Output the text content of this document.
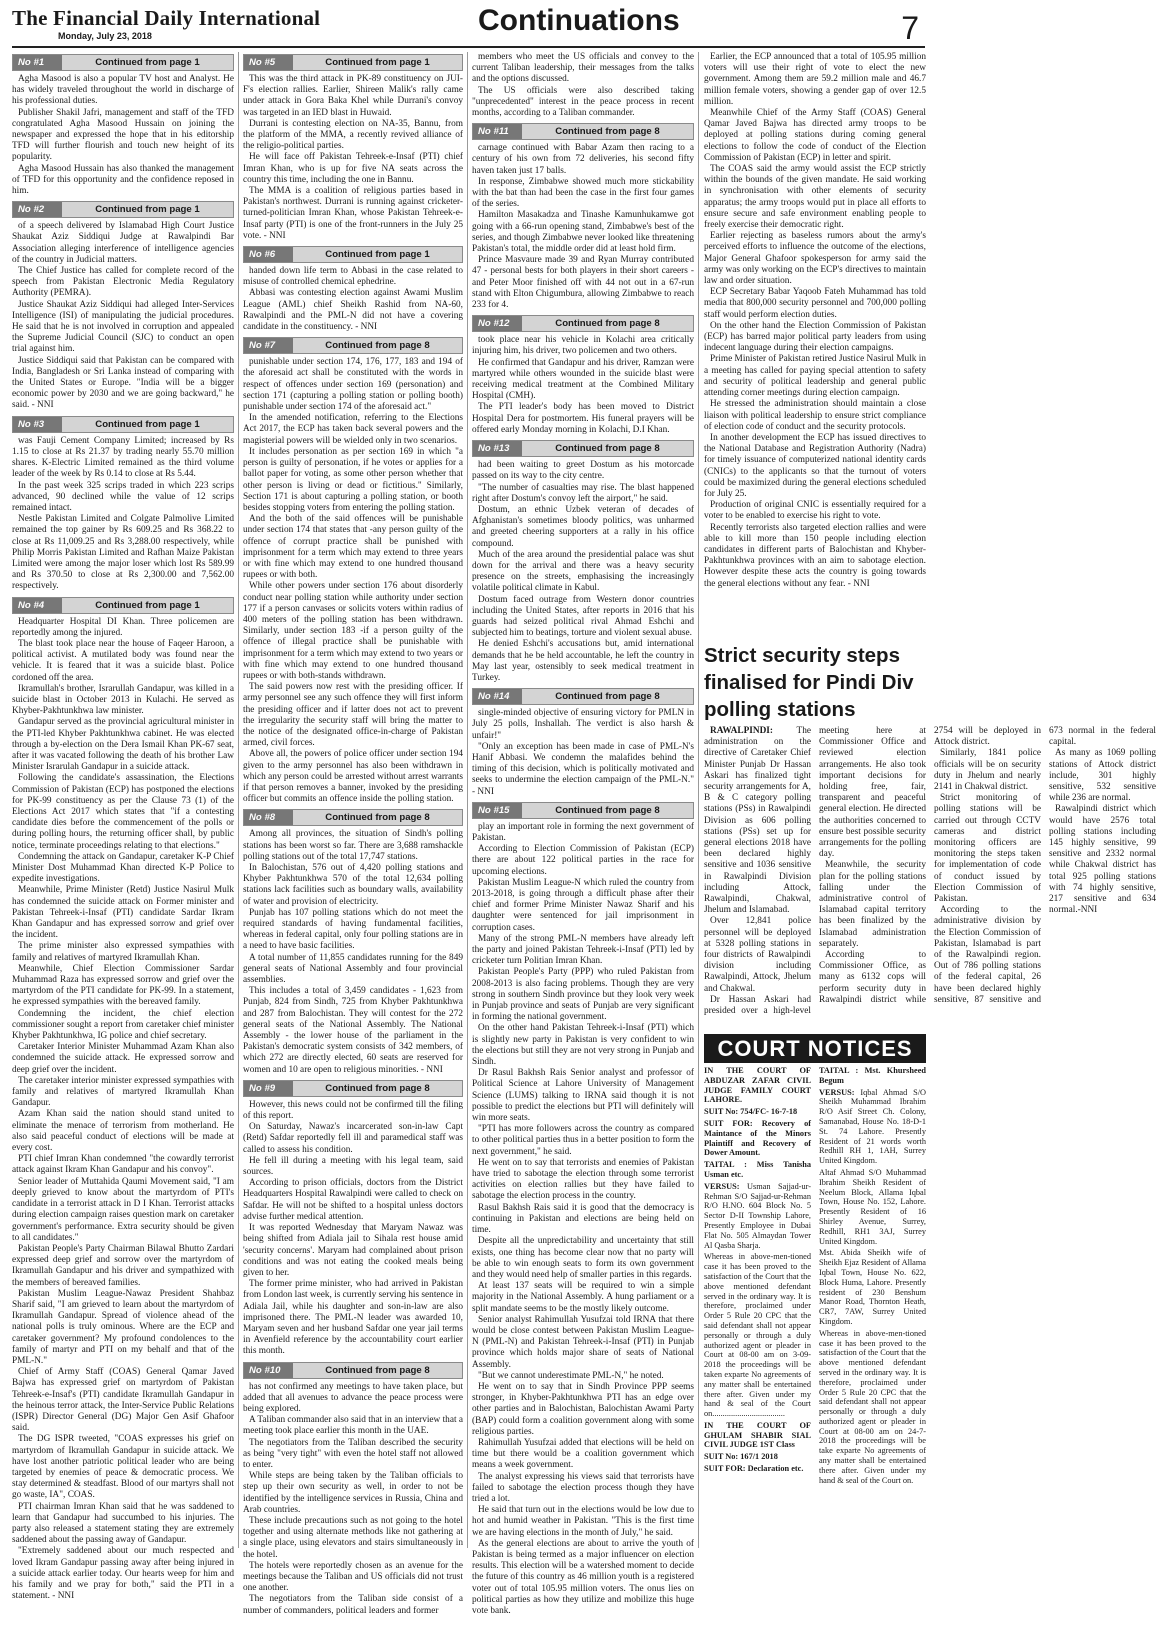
The Financial Daily International
Monday, July 23, 2018	Continuations	7
No #1	Continued from page 1

Agha Masood is also a popular TV host and Analyst. He has widely traveled throughout the world in discharge of his professional duties.

Publisher Shakil Jafri, management and staff of the TFD congratulated Agha Masood Hussain on joining the newspaper and expressed the hope that in his editorship TFD will further flourish and touch new height of its popularity.

Agha Masood Hussain has also thanked the management of TFD for this opportunity and the confidence reposed in him.

No #2	Continued from page 1

of a speech delivered by Islamabad High Court Justice Shaukat Aziz Siddiqui Judge at Rawalpindi Bar Association alleging interference of intelligence agencies of the country in Judicial matters.

The Chief Justice has called for complete record of the speech from Pakistan Electronic Media Regulatory Authority (PEMRA).

Justice Shaukat Aziz Siddiqui had alleged Inter-Services Intelligence (ISI) of manipulating the judicial procedures. He said that he is not involved in corruption and appealed the Supreme Judicial Council (SJC) to conduct an open trial against him.

Justice Siddiqui said that Pakistan can be compared with India, Bangladesh or Sri Lanka instead of comparing with the United States or Europe. "India will be a bigger economic power by 2030 and we are going backward," he said. - NNI

No #3	Continued from page 1

was Fauji Cement Company Limited; increased by Rs 1.15 to close at Rs 21.37 by trading nearly 55.70 million shares. K-Electric Limited remained as the third volume leader of the week by Rs 0.14 to close at Rs 5.44.

In the past week 325 scrips traded in which 223 scrips advanced, 90 declined while the value of 12 scrips remained intact.

Nestle Pakistan Limited and Colgate Palmolive Limited remained the top gainer by Rs 609.25 and Rs 368.22 to close at Rs 11,009.25 and Rs 3,288.00 respectively, while Philip Morris Pakistan Limited and Rafhan Maize Pakistan Limited were among the major loser which lost Rs 589.99 and Rs 370.50 to close at Rs 2,300.00 and 7,562.00 respectively.

No #4	Continued from page 1

Headquarter Hospital DI Khan. Three policemen are reportedly among the injured.

The blast took place near the house of Faqeer Haroon, a political activist. A mutilated body was found near the vehicle. It is feared that it was a suicide blast. Police cordoned off the area.

Ikramullah's brother, Israrullah Gandapur, was killed in a suicide blast in October 2013 in Kulachi. He served as Khyber-Pakhtunkhwa law minister.

Gandapur served as the provincial agricultural minister in the PTI-led Khyber Pakhtunkhwa cabinet. He was elected through a by-election on the Dera Ismail Khan PK-67 seat, after it was vacated following the death of his brother Law Minister Israrulah Gandapur in a suicide attack.

Following the candidate's assassination, the Elections Commission of Pakistan (ECP) has postponed the elections for PK-99 constituency as per the Clause 73 (1) of the Elections Act 2017 which states that "if a contesting candidate dies before the commencement of the polls or during polling hours, the returning officer shall, by public notice, terminate proceedings relating to that elections."

Condemning the attack on Gandapur, caretaker K-P Chief Minister Dost Muhammad Khan directed K-P Police to expedite investigations.

Meanwhile, Prime Minister (Retd) Justice Nasirul Mulk has condemned the suicide attack on Former minister and Pakistan Tehreek-i-Insaf (PTI) candidate Sardar Ikram Khan Gandapur and has expressed sorrow and grief over the incident.

The prime minister also expressed sympathies with family and relatives of martyred Ikramullah Khan.

Meanwhile, Chief Election Commissioner Sardar Muhammad Raza has expressed sorrow and grief over the martyrdom of the PTI candidate for PK-99. In a statement, he expressed sympathies with the bereaved family.

Condemning the incident, the chief election commissioner sought a report from caretaker chief minister Khyber Pakhtunkhwa, IG police and chief secretary.

Caretaker Interior Minister Muhammad Azam Khan also condemned the suicide attack. He expressed sorrow and deep grief over the incident.

The caretaker interior minister expressed sympathies with family and relatives of martyred Ikramullah Khan Gandapur.

Azam Khan said the nation should stand united to eliminate the menace of terrorism from motherland. He also said peaceful conduct of elections will be made at every cost.

PTI chief Imran Khan condemned "the cowardly terrorist attack against Ikram Khan Gandapur and his convoy".

Senior leader of Muttahida Qaumi Movement said, "I am deeply grieved to know about the martyrdom of PTI's candidate in a terrorist attack in D I Khan. Terrorist attacks during election campaign raises question mark on caretaker government's performance. Extra security should be given to all candidates."

Pakistan People's Party Chairman Bilawal Bhutto Zardari expressed deep grief and sorrow over the martyrdom of Ikramullah Gandapur and his driver and sympathized with the members of bereaved families.

Pakistan Muslim League-Nawaz President Shahbaz Sharif said, "I am grieved to learn about the martyrdom of Ikramullah Gandapur. Spread of violence ahead of the national polls is truly ominous. Where are the ECP and caretaker government? My profound condolences to the family of martyr and PTI on my behalf and that of the PML-N."

Chief of Army Staff (COAS) General Qamar Javed Bajwa has expressed grief on martyrdom of Pakistan Tehreek-e-Insaf's (PTI) candidate Ikramullah Gandapur in the heinous terror attack, the Inter-Service Public Relations (ISPR) Director General (DG) Major Gen Asif Ghafoor said.

The DG ISPR tweeted, "COAS expresses his grief on martyrdom of Ikramullah Gandapur in suicide attack. We have lost another patriotic political leader who are being targeted by enemies of peace & democratic process. We stay determined & steadfast. Blood of our martyrs shall not go waste, IA", COAS.

PTI chairman Imran Khan said that he was saddened to learn that Gandapur had succumbed to his injuries. The party also released a statement stating they are extremely saddened about the passing away of Gandapur.

"Extremely saddened about our much respected and loved Ikram Gandapur passing away after being injured in a suicide attack earlier today. Our hearts weep for him and his family and we pray for both," said the PTI in a statement. - NNI

No #5	Continued from page 1

This was the third attack in PK-89 constituency on JUI-F's election rallies. Earlier, Shireen Malik's rally came under attack in Gora Baka Khel while Durrani's convoy was targeted in an IED blast in Huwaid.

Durrani is contesting election on NA-35, Bannu, from the platform of the MMA, a recently revived alliance of the religio-political parties.

He will face off Pakistan Tehreek-e-Insaf (PTI) chief Imran Khan, who is up for five NA seats across the country this time, including the one in Bannu.

The MMA is a coalition of religious parties based in Pakistan's northwest. Durrani is running against cricketer-turned-politician Imran Khan, whose Pakistan Tehreek-e-Insaf party (PTI) is one of the front-runners in the July 25 vote. - NNI

No #6	Continued from page 1

handed down life term to Abbasi in the case related to misuse of controlled chemical ephedrine.

Abbasi was contesting election against Awami Muslim League (AML) chief Sheikh Rashid from NA-60, Rawalpindi and the PML-N did not have a covering candidate in the constituency. - NNI

No #7	Continued from page 8

punishable under section 174, 176, 177, 183 and 194 of the aforesaid act shall be constituted with the words in respect of offences under section 169 (personation) and section 171 (capturing a polling station or polling booth) punishable under section 174 of the aforesaid act."

In the amended notification, referring to the Elections Act 2017, the ECP has taken back several powers and the magisterial powers will be wielded only in two scenarios.

It includes personation as per section 169 in which "a person is guilty of personation, if he votes or applies for a ballot paper for voting, as some other person whether that other person is living or dead or fictitious." Similarly, Section 171 is about capturing a polling station, or booth besides stopping voters from entering the polling station.

And the both of the said offences will be punishable under section 174 that states that -any person guilty of the offence of corrupt practice shall be punished with imprisonment for a term which may extend to three years or with fine which may extend to one hundred thousand rupees or with both.

While other powers under section 176 about disorderly conduct near polling station while authority under section 177 if a person canvases or solicits voters within radius of 400 meters of the polling station has been withdrawn. Similarly, under section 183 -if a person guilty of the offence of illegal practice shall be punishable with imprisonment for a term which may extend to two years or with fine which may extend to one hundred thousand rupees or with both-stands withdrawn.

The said powers now rest with the presiding officer. If army personnel see any such offence they will first inform the presiding officer and if latter does not act to prevent the irregularity the security staff will bring the matter to the notice of the designated office-in-charge of Pakistan armed, civil forces.

Above all, the powers of police officer under section 194 given to the army personnel has also been withdrawn in which any person could be arrested without arrest warrants if that person removes a banner, invoked by the presiding officer but commits an offence inside the polling station.

No #8	Continued from page 8

Among all provinces, the situation of Sindh's polling stations has been worst so far. There are 3,688 ramshackle polling stations out of the total 17,747 stations.

In Balochistan, 576 out of 4,420 polling stations and Khyber Pakhtunkhwa 570 of the total 12,634 polling stations lack facilities such as boundary walls, availability of water and provision of electricity.

Punjab has 107 polling stations which do not meet the required standards of having fundamental facilities, whereas in federal capital, only four polling stations are in a need to have basic facilities.

A total number of 11,855 candidates running for the 849 general seats of National Assembly and four provincial assemblies.

This includes a total of 3,459 candidates - 1,623 from Punjab, 824 from Sindh, 725 from Khyber Pakhtunkhwa and 287 from Balochistan. They will contest for the 272 general seats of the National Assembly. The National Assembly - the lower house of the parliament in the Pakistan's democratic system consists of 342 members, of which 272 are directly elected, 60 seats are reserved for women and 10 are open to religious minorities. - NNI

No #9	Continued from page 8

However, this news could not be confirmed till the filing of this report.

On Saturday, Nawaz's incarcerated son-in-law Capt (Retd) Safdar reportedly fell ill and paramedical staff was called to assess his condition.

He fell ill during a meeting with his legal team, said sources.

According to prison officials, doctors from the District Headquarters Hospital Rawalpindi were called to check on Safdar. He will not be shifted to a hospital unless doctors advise further medical attention.

It was reported Wednesday that Maryam Nawaz was being shifted from Adiala jail to Sihala rest house amid 'security concerns'. Maryam had complained about prison conditions and was not eating the cooked meals being given to her.

The former prime minister, who had arrived in Pakistan from London last week, is currently serving his sentence in Adiala Jail, while his daughter and son-in-law are also imprisoned there. The PML-N leader was awarded 10, Maryam seven and her husband Safdar one year jail terms in Avenfield reference by the accountability court earlier this month.

No #10	Continued from page 8

has not confirmed any meetings to have taken place, but added that all avenues to advance the peace process were being explored.

A Taliban commander also said that in an interview that a meeting took place earlier this month in the UAE.

The negotiators from the Taliban described the security as being "very tight" with even the hotel staff not allowed to enter.

While steps are being taken by the Taliban officials to step up their own security as well, in order to not be identified by the intelligence services in Russia, China and Arab countries.

These include precautions such as not going to the hotel together and using alternate methods like not gathering at a single place, using elevators and stairs simultaneously in the hotel.

The hotels were reportedly chosen as an avenue for the meetings because the Taliban and US officials did not trust one another.

The negotiators from the Taliban side consist of a number of commanders, political leaders and former

members who meet the US officials and convey to the current Taliban leadership, their messages from the talks and the options discussed.

The US officials were also described taking "unprecedented" interest in the peace process in recent months, according to a Taliban commander.

No #11	Continued from page 8

carnage continued with Babar Azam then racing to a century of his own from 72 deliveries, his second fifty haven taken just 17 balls.

In response, Zimbabwe showed much more stickability with the bat than had been the case in the first four games of the series.

Hamilton Masakadza and Tinashe Kamunhukamwe got going with a 66-run opening stand, Zimbabwe's best of the series, and though Zimbabwe never looked like threatening Pakistan's total, the middle order did at least hold firm.

Prince Masvaure made 39 and Ryan Murray contributed 47 - personal bests for both players in their short careers - and Peter Moor finished off with 44 not out in a 67-run stand with Elton Chigumbura, allowing Zimbabwe to reach 233 for 4.

No #12	Continued from page 8

took place near his vehicle in Kolachi area critically injuring him, his driver, two policemen and two others.

He confirmed that Gandapur and his driver, Ramzan were martyred while others wounded in the suicide blast were receiving medical treatment at the Combined Military Hospital (CMH).

The PTI leader's body has been moved to District Hospital Dera for postmortem. His funeral prayers will be offered early Monday morning in Kolachi, D.I Khan.

No #13	Continued from page 8

had been waiting to greet Dostum as his motorcade passed on its way to the city centre.

"The number of casualties may rise. The blast happened right after Dostum's convoy left the airport," he said.

Dostum, an ethnic Uzbek veteran of decades of Afghanistan's sometimes bloody politics, was unharmed and greeted cheering supporters at a rally in his office compound.

Much of the area around the presidential palace was shut down for the arrival and there was a heavy security presence on the streets, emphasising the increasingly volatile political climate in Kabul.

Dostum faced outrage from Western donor countries including the United States, after reports in 2016 that his guards had seized political rival Ahmad Eshchi and subjected him to beatings, torture and violent sexual abuse.

He denied Eshchi's accusations but, amid international demands that he be held accountable, he left the country in May last year, ostensibly to seek medical treatment in Turkey.

No #14	Continued from page 8

single-minded objective of ensuring victory for PMLN in July 25 polls, Inshallah. The verdict is also harsh & unfair!"

"Only an exception has been made in case of PML-N's Hanif Abbasi. We condemn the malafides behind the timing of this decision, which is politically motivated and seeks to undermine the election campaign of the PML-N." - NNI

No #15	Continued from page 8

play an important role in forming the next government of Pakistan.

According to Election Commission of Pakistan (ECP) there are about 122 political parties in the race for upcoming elections.

Pakistan Muslim League-N which ruled the country from 2013-2018, is going through a difficult phase after their chief and former Prime Minister Nawaz Sharif and his daughter were sentenced for jail imprisonment in corruption cases.

Many of the strong PML-N members have already left the party and joined Pakistan Tehreek-i-Insaf (PTI) led by cricketer turn Politian Imran Khan.

Pakistan People's Party (PPP) who ruled Pakistan from 2008-2013 is also facing problems. Though they are very strong in southern Sindh province but they look very week in Punjab province and seats of Punjab are very significant in forming the national government.

On the other hand Pakistan Tehreek-i-Insaf (PTI) which is slightly new party in Pakistan is very confident to win the elections but still they are not very strong in Punjab and Sindh.

Dr Rasul Bakhsh Rais Senior analyst and professor of Political Science at Lahore University of Management Science (LUMS) talking to IRNA said though it is not possible to predict the elections but PTI will definitely will win more seats.

"PTI has more followers across the country as compared to other political parties thus in a better position to form the next government," he said.

He went on to say that terrorists and enemies of Pakistan have tried to sabotage the election through some terrorist activities on election rallies but they have failed to sabotage the election process in the country.

Rasul Bakhsh Rais said it is good that the democracy is continuing in Pakistan and elections are being held on time.

Despite all the unpredictability and uncertainty that still exists, one thing has become clear now that no party will be able to win enough seats to form its own government and they would need help of smaller parties in this regards.

At least 137 seats will be required to win a simple majority in the National Assembly. A hung parliament or a split mandate seems to be the mostly likely outcome.

Senior analyst Rahimullah Yusufzai told IRNA that there would be close contest between Pakistan Muslim League-N (PML-N) and Pakistan Tehreek-i-Insaf (PTI) in Punjab province which holds major share of seats of National Assembly.

"But we cannot underestimate PML-N," he noted.

He went on to say that in Sindh Province PPP seems stronger, in Khyber-Pakhtunkhwa PTI has an edge over other parties and in Balochistan, Balochistan Awami Party (BAP) could form a coalition government along with some religious parties.

Rahimullah Yusufzai added that elections will be held on time but there would be a coalition government which means a week government.

The analyst expressing his views said that terrorists have failed to sabotage the election process though they have tried a lot.

He said that turn out in the elections would be low due to hot and humid weather in Pakistan. "This is the first time we are having elections in the month of July," he said.

As the general elections are about to arrive the youth of Pakistan is being termed as a major influencer on election results. This election will be a watershed moment to decide the future of this country as 46 million youth is a registered voter out of total 105.95 million voters. The onus lies on political parties as how they utilize and mobilize this huge vote bank.

Earlier, the ECP announced that a total of 105.95 million voters will use their right of vote to elect the new government. Among them are 59.2 million male and 46.7 million female voters, showing a gender gap of over 12.5 million.

Meanwhile Chief of the Army Staff (COAS) General Qamar Javed Bajwa has directed army troops to be deployed at polling stations during coming general elections to follow the code of conduct of the Election Commission of Pakistan (ECP) in letter and spirit.

The COAS said the army would assist the ECP strictly within the bounds of the given mandate. He said working in synchronisation with other elements of security apparatus; the army troops would put in place all efforts to ensure secure and safe environment enabling people to freely exercise their democratic right.

Earlier rejecting as baseless rumors about the army's perceived efforts to influence the outcome of the elections, Major General Ghafoor spokesperson for army said the army was only working on the ECP's directives to maintain law and order situation.

ECP Secretary Babar Yaqoob Fateh Muhammad has told media that 800,000 security personnel and 700,000 polling staff would perform election duties.

On the other hand the Election Commission of Pakistan (ECP) has barred major political party leaders from using indecent language during their election campaigns.

Prime Minister of Pakistan retired Justice Nasirul Mulk in a meeting has called for paying special attention to safety and security of political leadership and general public attending corner meetings during election campaign.

He stressed the administration should maintain a close liaison with political leadership to ensure strict compliance of election code of conduct and the security protocols.

In another development the ECP has issued directives to the National Database and Registration Authority (Nadra) for timely issuance of computerized national identity cards (CNICs) to the applicants so that the turnout of voters could be maximized during the general elections scheduled for July 25.

Production of original CNIC is essentially required for a voter to be enabled to exercise his right to vote.

Recently terrorists also targeted election rallies and were able to kill more than 150 people including election candidates in different parts of Balochistan and Khyber-Pakhtunkhwa provinces with an aim to sabotage election. However despite these acts the country is going towards the general elections without any fear. - NNI

Strict security steps finalised for Pindi Div polling stations

RAWALPINDI:	The administration on the directive of Caretaker Chief Minister Punjab Dr Hassan Askari has finalized tight security arrangements for A, B & C category polling stations (PSs) in Rawalpindi Division as 606 polling stations (PSs) set up for general elections 2018 have been declared highly sensitive and 1036 sensitive in Rawalpindi Division including Attock, Rawalpindi, Chakwal, Jhelum and Islamabad.

Over 12,841 police personnel will be deployed at 5328 polling stations in four districts of Rawalpindi division including Rawalpindi, Attock, Jhelum and Chakwal.

Dr Hassan Askari had presided over a high-level meeting here at Commissioner Office and reviewed election arrangements. He also took important decisions for holding free, fair, transparent and peaceful general election. He directed the authorities concerned to ensure best possible security arrangements for the polling day.

Meanwhile, the security plan for the polling stations falling under the administrative control of Islamabad capital territory has been finalized by the Islamabad administration separately.

According to Commissioner Office, as many as 6132 cops will perform security duty in Rawalpindi district while 2754 will be deployed in Attock district.

Similarly, 1841 police officials will be on security duty in Jhelum and nearly 2141 in Chakwal district.

Strict monitoring of polling stations will be carried out through CCTV cameras and district monitoring officers are monitoring the steps taken for implementation of code of conduct issued by Election Commission of Pakistan.

According to the administrative division by the Election Commission of Pakistan, Islamabad is part of the Rawalpindi region. Out of 786 polling stations of the federal capital, 26 have been declared highly sensitive, 87 sensitive and 673 normal in the federal capital.

As many as 1069 polling stations of Attock district include, 301 highly sensitive, 532 sensitive while 236 are normal.

Rawalpindi district which would have 2576 total polling stations including 145 highly sensitive, 99 sensitive and 2332 normal while Chakwal district has total 925 polling stations with 74 highly sensitive, 217 sensitive and 634 normal.-NNI

COURT NOTICES

IN THE COURT OF ABDUZAR ZAFAR CIVIL JUDGE FAMILY COURT LAHORE.

SUIT No: 754/FC- 16-7-18

SUIT FOR: Recovery of Maintance of the Minors Plaintiff and Recovery of Dower Amount.

TAITAL : Miss Tanisha Usman etc.

VERSUS: Usman Sajjad-ur-Rehman S/O Sajjad-ur-Rehman R/O H.NO. 604 Block No. 5 Sector D-II Township Lahore, Presently Employee in Dubai Flat No. 505 Almaydan Tower Al Qasba Sharja.

Whereas in above-men-tioned case it has been proved to the satisfaction of the Court that the above mentioned defendant served in the ordinary way. It is therefore, proclaimed under Order 5 Rule 20 CPC that the said defendant shall not appear personally or through a duly authorized agent or pleader in Court at 08-00 am on 3-09-2018 the proceedings will be taken exparte No agreements of any matter shall be entertained there after. Given under my hand & seal of the Court on...................................

IN THE COURT OF GHULAM SHABIR SIAL CIVIL JUDGE 1ST Class

SUIT No: 167/1 2018

SUIT FOR: Declaration etc.

TAITAL : Mst. Khursheed Begum

VERSUS: Iqbal Ahmad S/O Sheikh Muhammad Ibrahim R/O Asif Street Ch. Colony, Samanabad, House No. 18-D-1 St. 74 Lahore. Presently Resident of 21 words worth Redhill RH 1, 1AH, Surrey United Kingdom.

Altaf Ahmad S/O Muhammad Ibrahim Sheikh Resident of Neelum Block, Allama Iqbal Town, House No. 152, Lahore. Presently Resident of 16 Shirley Avenue, Surrey, Redhill, RH1 3AJ, Surrey United Kingdom.

Mst. Abida Sheikh wife of Sheikh Ejaz Resident of Allama Iqbal Town, House No. 622, Block Huma, Lahore. Presently resident of 230 Benshum Manor Road, Thornton Heath, CR7, 7AW, Surrey United Kingdom.

Whereas in above-men-tioned case it has been proved to the satisfaction of the Court that the above mentioned defendant served in the ordinary way. It is therefore, proclaimed under Order 5 Rule 20 CPC that the said defendant shall not appear personally or through a duly authorized agent or pleader in Court at 08-00 am on 24-7-2018 the proceedings will be take exparte No agreements of any matter shall be entertained there after. Given under my hand & seal of the Court on.
